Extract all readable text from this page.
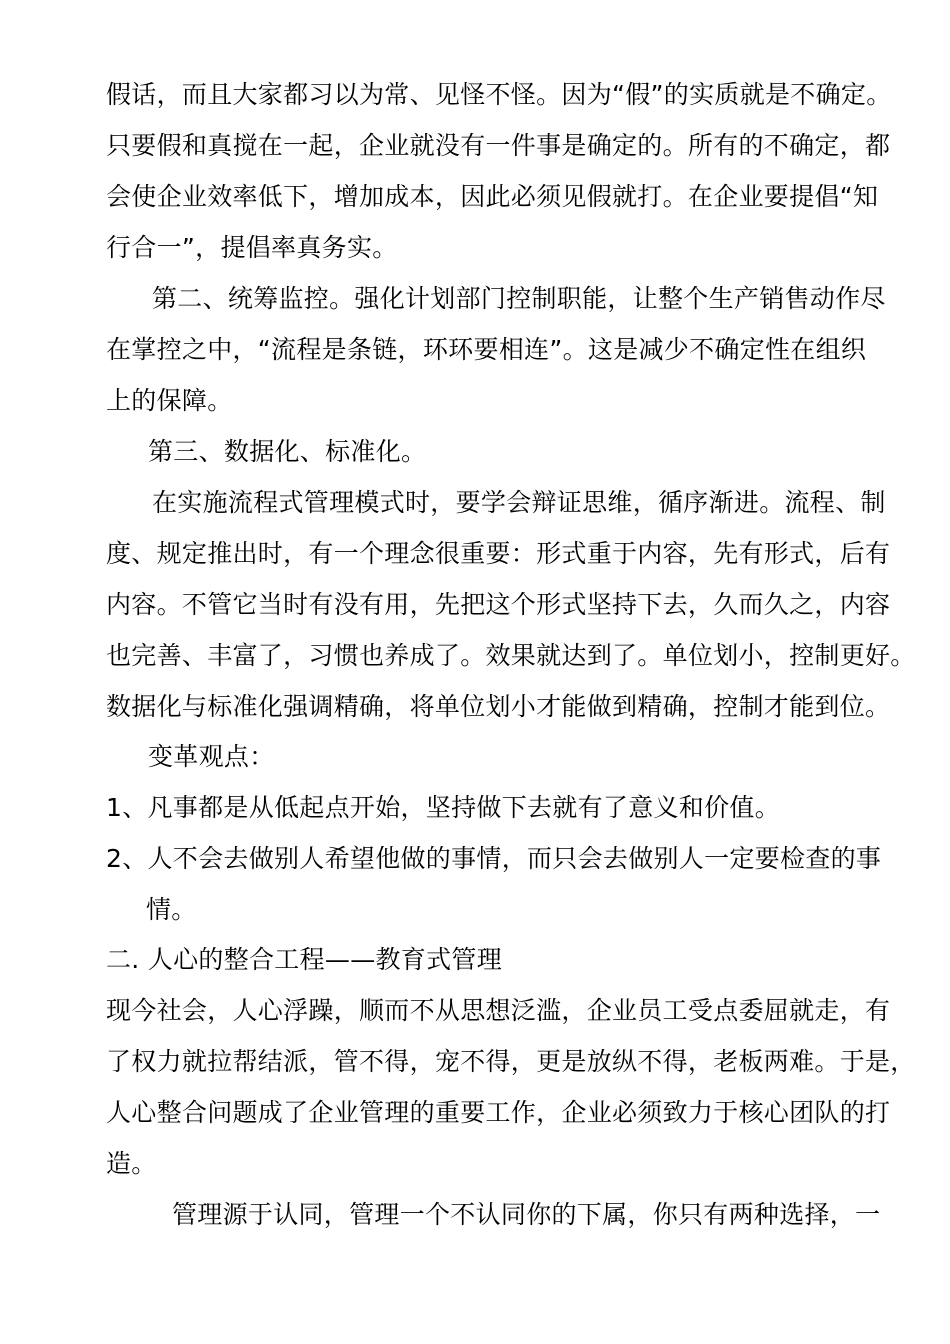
假话，而且大家都习以为常、见怪不怪。因为“假”的实质就是不确定。
只要假和真搅在一起，企业就没有一件事是确定的。所有的不确定，都
会使企业效率低下，增加成本，因此必须见假就打。在企业要提倡“知
行合一”，提倡率真务实。
第二、统筹监控。强化计划部门控制职能，让整个生产销售动作尽
在掌控之中，“流程是条链，环环要相连”。这是减少不确定性在组织
上的保障。
第三、数据化、标准化。
在实施流程式管理模式时，要学会辩证思维，循序渐进。流程、制
度、规定推出时，有一个理念很重要：形式重于内容，先有形式，后有
内容。不管它当时有没有用，先把这个形式坚持下去，久而久之，内容
也完善、丰富了，习惯也养成了。效果就达到了。单位划小，控制更好。
数据化与标准化强调精确，将单位划小才能做到精确，控制才能到位。
变革观点：
1、凡事都是从低起点开始，坚持做下去就有了意义和价值。
2、人不会去做别人希望他做的事情，而只会去做别人一定要检查的事
情。
二. 人心的整合工程——教育式管理
现今社会，人心浮躁，顺而不从思想泛滥，企业员工受点委屈就走，有
了权力就拉帮结派，管不得，宠不得，更是放纵不得，老板两难。于是，
人心整合问题成了企业管理的重要工作，企业必须致力于核心团队的打
造。
管理源于认同，管理一个不认同你的下属，你只有两种选择，一
